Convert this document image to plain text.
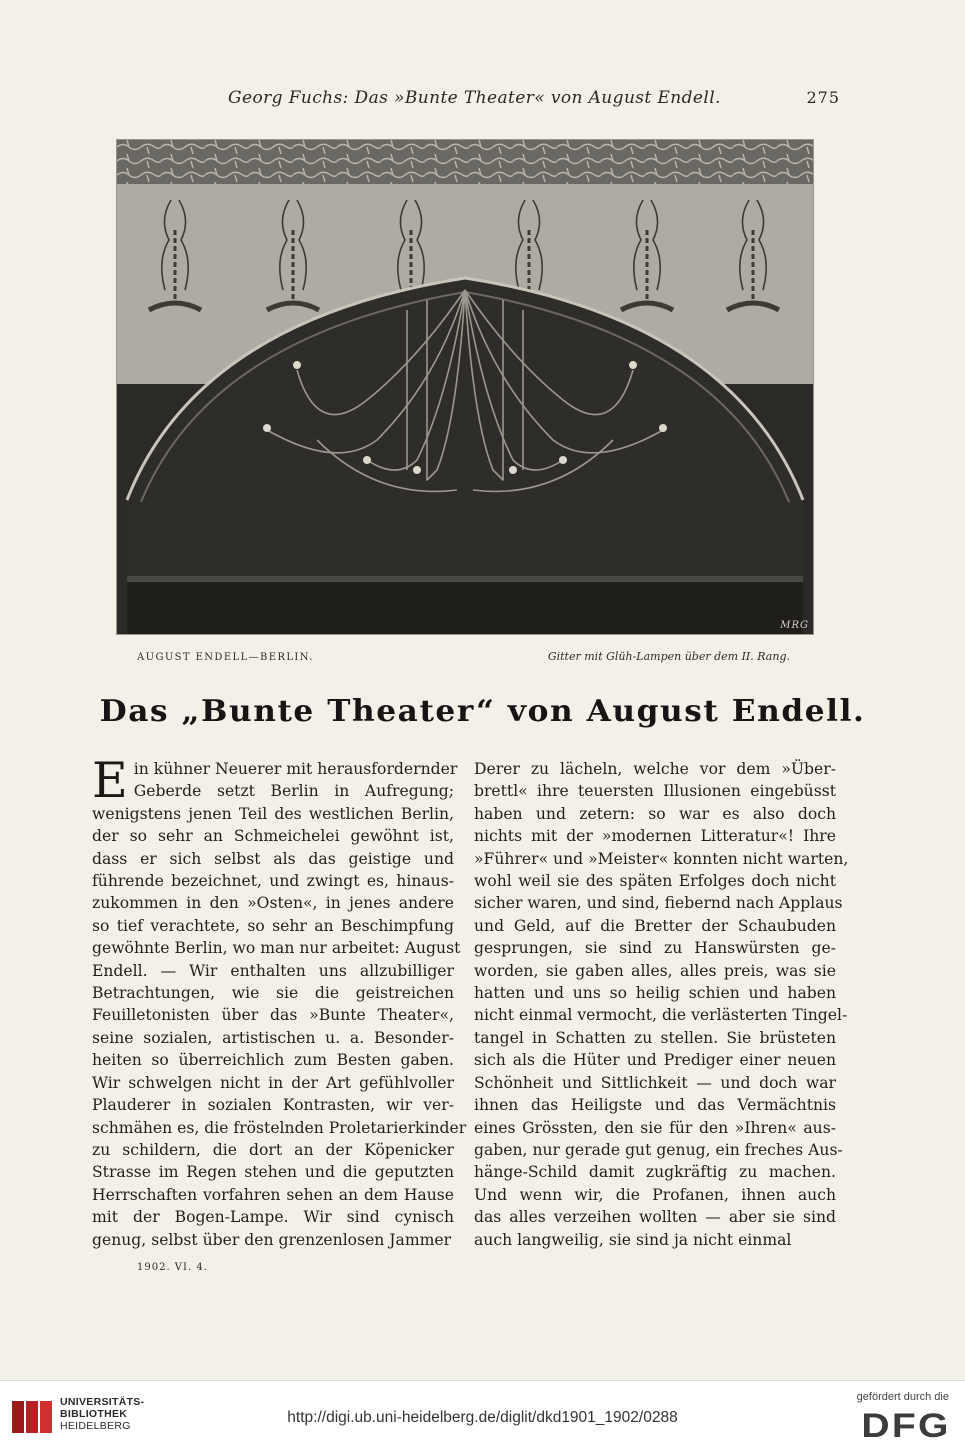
Georg Fuchs: Das »Bunte Theater« von August Endell.	275
MRG
AUGUST ENDELL—BERLIN.	Gitter mit Glüh-Lampen über dem II. Rang.
Das „Bunte Theater“ von August Endell.
E in kühner Neuerer mit herausfordernder
Geberde setzt Berlin in Aufregung;
wenigstens jenen Teil des westlichen Berlin,
der so sehr an Schmeichelei gewöhnt ist,
dass er sich selbst als das geistige und
führende bezeichnet, und zwingt es, hinaus-
zukommen in den »Osten«, in jenes andere
so tief verachtete, so sehr an Beschimpfung
gewöhnte Berlin, wo man nur arbeitet: August
Endell. — Wir enthalten uns allzubilliger
Betrachtungen, wie sie die geistreichen
Feuilletonisten über das »Bunte Theater«,
seine sozialen, artistischen u. a. Besonder-
heiten so überreichlich zum Besten gaben.
Wir schwelgen nicht in der Art gefühlvoller
Plauderer in sozialen Kontrasten, wir ver-
schmähen es, die fröstelnden Proletarierkinder
zu schildern, die dort an der Köpenicker
Strasse im Regen stehen und die geputzten
Herrschaften vorfahren sehen an dem Hause
mit der Bogen-Lampe. Wir sind cynisch
genug, selbst über den grenzenlosen Jammer
Derer zu lächeln, welche vor dem »Über-
brettl« ihre teuersten Illusionen eingebüsst
haben und zetern: so war es also doch
nichts mit der »modernen Litteratur«! Ihre
»Führer« und »Meister« konnten nicht warten,
wohl weil sie des späten Erfolges doch nicht
sicher waren, und sind, fiebernd nach Applaus
und Geld, auf die Bretter der Schaubuden
gesprungen, sie sind zu Hanswürsten ge-
worden, sie gaben alles, alles preis, was sie
hatten und uns so heilig schien und haben
nicht einmal vermocht, die verlästerten Tingel-
tangel in Schatten zu stellen. Sie brüsteten
sich als die Hüter und Prediger einer neuen
Schönheit und Sittlichkeit — und doch war
ihnen das Heiligste und das Vermächtnis
eines Grössten, den sie für den »Ihren« aus-
gaben, nur gerade gut genug, ein freches Aus-
hänge-Schild damit zugkräftig zu machen.
Und wenn wir, die Profanen, ihnen auch
das alles verzeihen wollten — aber sie sind
auch langweilig, sie sind ja nicht einmal
1902. VI. 4.
UNIVERSITÄTS-
BIBLIOTHEK
HEIDELBERG	http://digi.ub.uni-heidelberg.de/diglit/dkd1901_1902/0288
gefördert durch die
DFG
